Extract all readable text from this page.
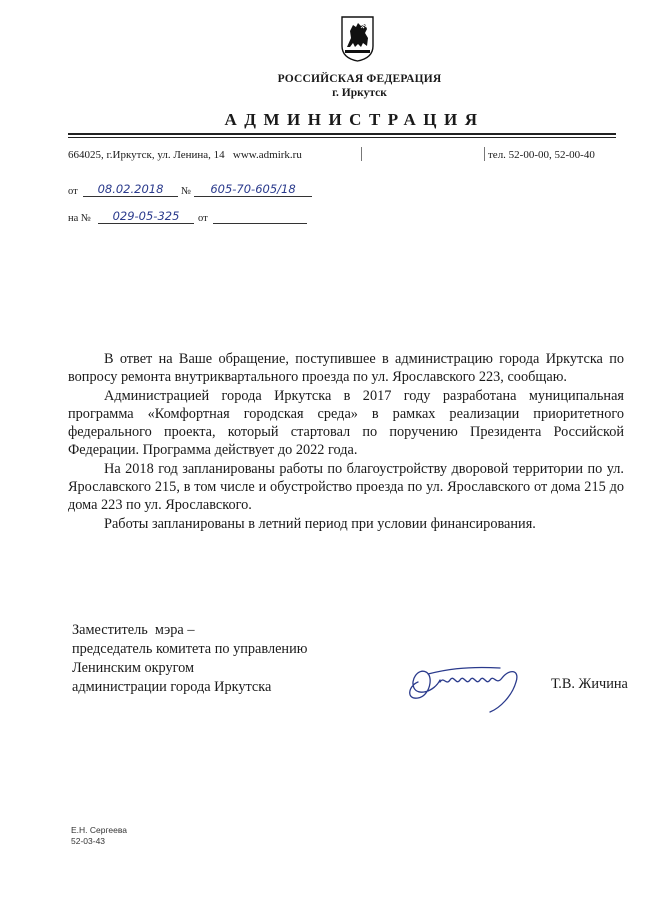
РОССИЙСКАЯ ФЕДЕРАЦИЯ
г. Иркутск
АДМИНИСТРАЦИЯ
664025, г.Иркутск, ул. Ленина, 14   www.admirk.ru	тел. 52-00-00, 52-00-40
от	08.02.2018	№	605-70-605/18
на №	029-05-325	от

В ответ на Ваше обращение, поступившее в администрацию города Иркутска по вопросу ремонта внутриквартального проезда по ул. Ярославского 223, сообщаю.

Администрацией города Иркутска в 2017 году разработана муниципальная программа «Комфортная городская среда» в рамках реализации приоритетного федерального проекта, который стартовал по поручению Президента Российской Федерации. Программа действует до 2022 года.

На 2018 год запланированы работы по благоустройству дворовой территории по ул. Ярославского 215, в том числе и обустройство проезда по ул. Ярославского от дома 215 до дома 223 по ул. Ярославского.

Работы запланированы в летний период при условии финансирования.

Заместитель  мэра –
председатель комитета по управлению
Ленинским округом
администрации города Иркутска	Т.В. Жичина
Е.Н. Сергеева
52-03-43
